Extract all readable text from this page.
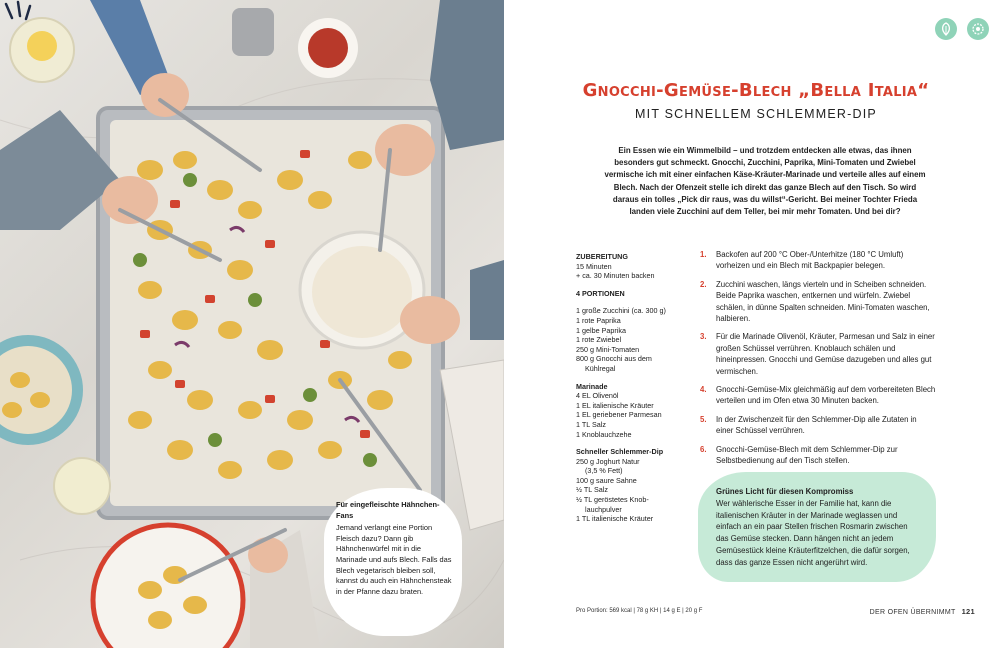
Für eingefleischte Hähnchen-Fans
Jemand verlangt eine Portion Fleisch dazu? Dann gib Hähnchenwürfel mit in die Marinade und aufs Blech. Falls das Blech vegetarisch bleiben soll, kannst du auch ein Hähnchensteak in der Pfanne dazu braten.
Gnocchi-Gemüse-Blech „Bella Italia“
MIT SCHNELLEM SCHLEMMER-DIP

Ein Essen wie ein Wimmelbild – und trotzdem entdecken alle etwas, das ihnen besonders gut schmeckt. Gnocchi, Zucchini, Paprika, Mini-Tomaten und Zwiebel vermische ich mit einer einfachen Käse-Kräuter-Marinade und verteile alles auf einem Blech. Nach der Ofenzeit stelle ich direkt das ganze Blech auf den Tisch. So wird daraus ein tolles „Pick dir raus, was du willst“-Gericht. Bei meiner Tochter Frieda landen viele Zucchini auf dem Teller, bei mir mehr Tomaten. Und bei dir?

ZUBEREITUNG
15 Minuten
+ ca. 30 Minuten backen
4 PORTIONEN
1 große Zucchini (ca. 300 g)
1 rote Paprika
1 gelbe Paprika
1 rote Zwiebel
250 g Mini-Tomaten
800 g Gnocchi aus dem
Kühlregal
Marinade
4 EL Olivenöl
1 EL italienische Kräuter
1 EL geriebener Parmesan
1 TL Salz
1 Knoblauchzehe
Schneller Schlemmer-Dip
250 g Joghurt Natur
(3,5 % Fett)
100 g saure Sahne
½ TL Salz
½ TL geröstetes Knob-
lauchpulver
1 TL italienische Kräuter
1. Backofen auf 200 °C Ober-/Unterhitze (180 °C Umluft) vorheizen und ein Blech mit Backpapier belegen.
2. Zucchini waschen, längs vierteln und in Scheiben schneiden. Beide Paprika waschen, entkernen und würfeln. Zwiebel schälen, in dünne Spalten schneiden. Mini-Tomaten waschen, halbieren.
3. Für die Marinade Olivenöl, Kräuter, Parmesan und Salz in einer großen Schüssel verrühren. Knoblauch schälen und hineinpressen. Gnocchi und Gemüse dazugeben und alles gut vermischen.
4. Gnocchi-Gemüse-Mix gleichmäßig auf dem vorbereiteten Blech verteilen und im Ofen etwa 30 Minuten backen.
5. In der Zwischenzeit für den Schlemmer-Dip alle Zutaten in einer Schüssel verrühren.
6. Gnocchi-Gemüse-Blech mit dem Schlemmer-Dip zur Selbstbedienung auf den Tisch stellen.
Grünes Licht für diesen Kompromiss
Wer wählerische Esser in der Familie hat, kann die italienischen Kräuter in der Marinade weglassen und einfach an ein paar Stellen frischen Rosmarin zwischen das Gemüse stecken. Dann hängen nicht an jedem Gemüsestück kleine Kräuterfitzelchen, die dafür sorgen, dass das ganze Essen nicht angerührt wird.
Pro Portion: 569 kcal | 78 g KH | 14 g E | 20 g F	DER OFEN ÜBERNIMMT 121
